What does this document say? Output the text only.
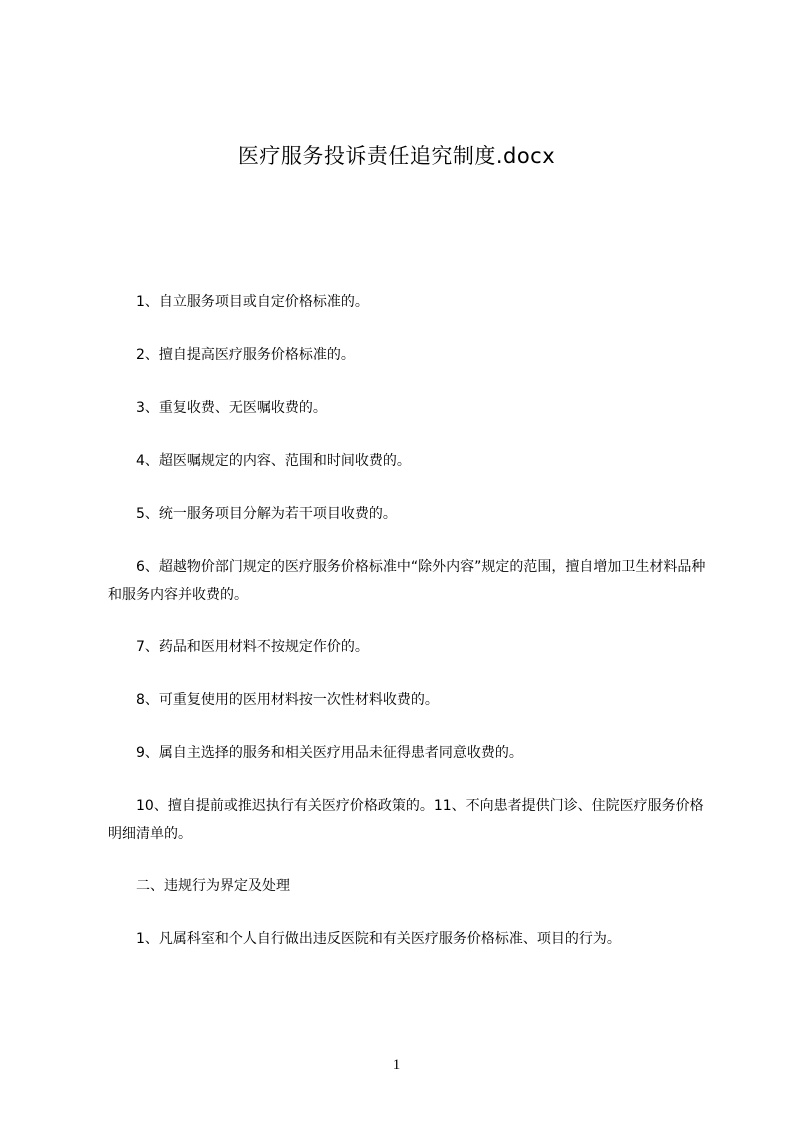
医疗服务投诉责任追究制度.docx
1、自立服务项目或自定价格标准的。
2、擅自提高医疗服务价格标准的。
3、重复收费、无医嘱收费的。
4、超医嘱规定的内容、范围和时间收费的。
5、统一服务项目分解为若干项目收费的。
6、超越物价部门规定的医疗服务价格标准中“除外内容”规定的范围，擅自增加卫生材料品种和服务内容并收费的。
7、药品和医用材料不按规定作价的。
8、可重复使用的医用材料按一次性材料收费的。
9、属自主选择的服务和相关医疗用品未征得患者同意收费的。
10、擅自提前或推迟执行有关医疗价格政策的。11、不向患者提供门诊、住院医疗服务价格明细清单的。
二、违规行为界定及处理
1、凡属科室和个人自行做出违反医院和有关医疗服务价格标准、项目的行为。
1
